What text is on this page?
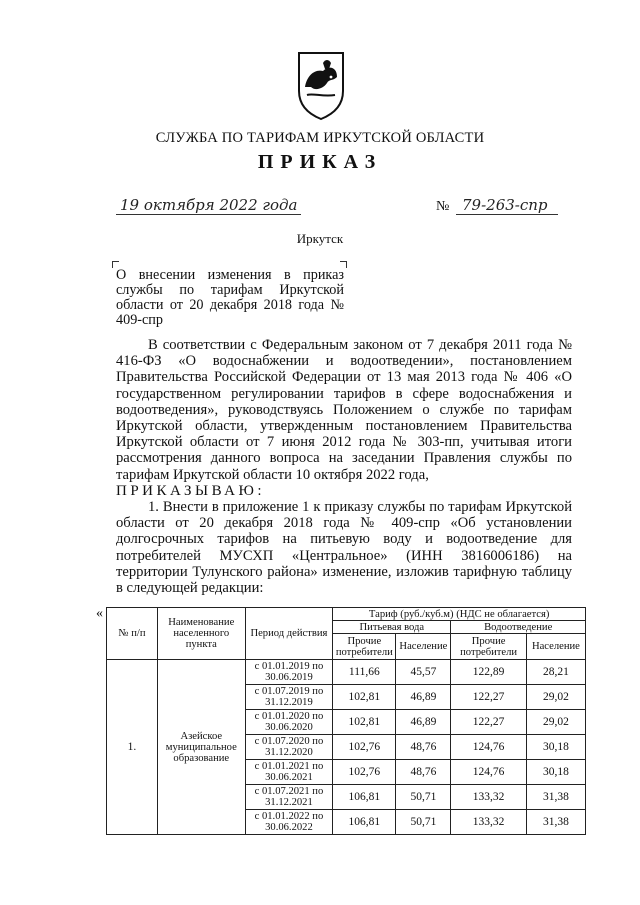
СЛУЖБА ПО ТАРИФАМ ИРКУТСКОЙ ОБЛАСТИ
ПРИКАЗ
19 октября 2022 года	№ 79-263-спр
Иркутск
О внесении изменения в приказ службы по тарифам Иркутской области от 20 декабря 2018 года № 409-спр

В соответствии с Федеральным законом от 7 декабря 2011 года № 416-ФЗ «О водоснабжении и водоотведении», постановлением Правительства Российской Федерации от 13 мая 2013 года № 406 «О государственном регулировании тарифов в сфере водоснабжения и водоотведения», руководствуясь Положением о службе по тарифам Иркутской области, утвержденным постановлением Правительства Иркутской области от 7 июня 2012 года № 303-пп, учитывая итоги рассмотрения данного вопроса на заседании Правления службы по тарифам Иркутской области 10 октября 2022 года,

ПРИКАЗЫВАЮ:

1. Внести в приложение 1 к приказу службы по тарифам Иркутской области от 20 декабря 2018 года № 409-спр «Об установлении долгосрочных тарифов на питьевую воду и водоотведение для потребителей МУСХП «Центральное» (ИНН 3816006186) на территории Тулунского района» изменение, изложив тарифную таблицу в следующей редакции:

«
№ п/п	Наименование населенного пункта	Период действия	Тариф (руб./куб.м) (НДС не облагается)			
			Питьевая вода		Водоотведение	
			Прочие потребители	Население	Прочие потребители	Население
1.	Азейское муниципальное образование	с 01.01.2019 по 30.06.2019	111,66	45,57	122,89	28,21
		с 01.07.2019 по 31.12.2019	102,81	46,89	122,27	29,02
		с 01.01.2020 по 30.06.2020	102,81	46,89	122,27	29,02
		с 01.07.2020 по 31.12.2020	102,76	48,76	124,76	30,18
		с 01.01.2021 по 30.06.2021	102,76	48,76	124,76	30,18
		с 01.07.2021 по 31.12.2021	106,81	50,71	133,32	31,38
		с 01.01.2022 по 30.06.2022	106,81	50,71	133,32	31,38
